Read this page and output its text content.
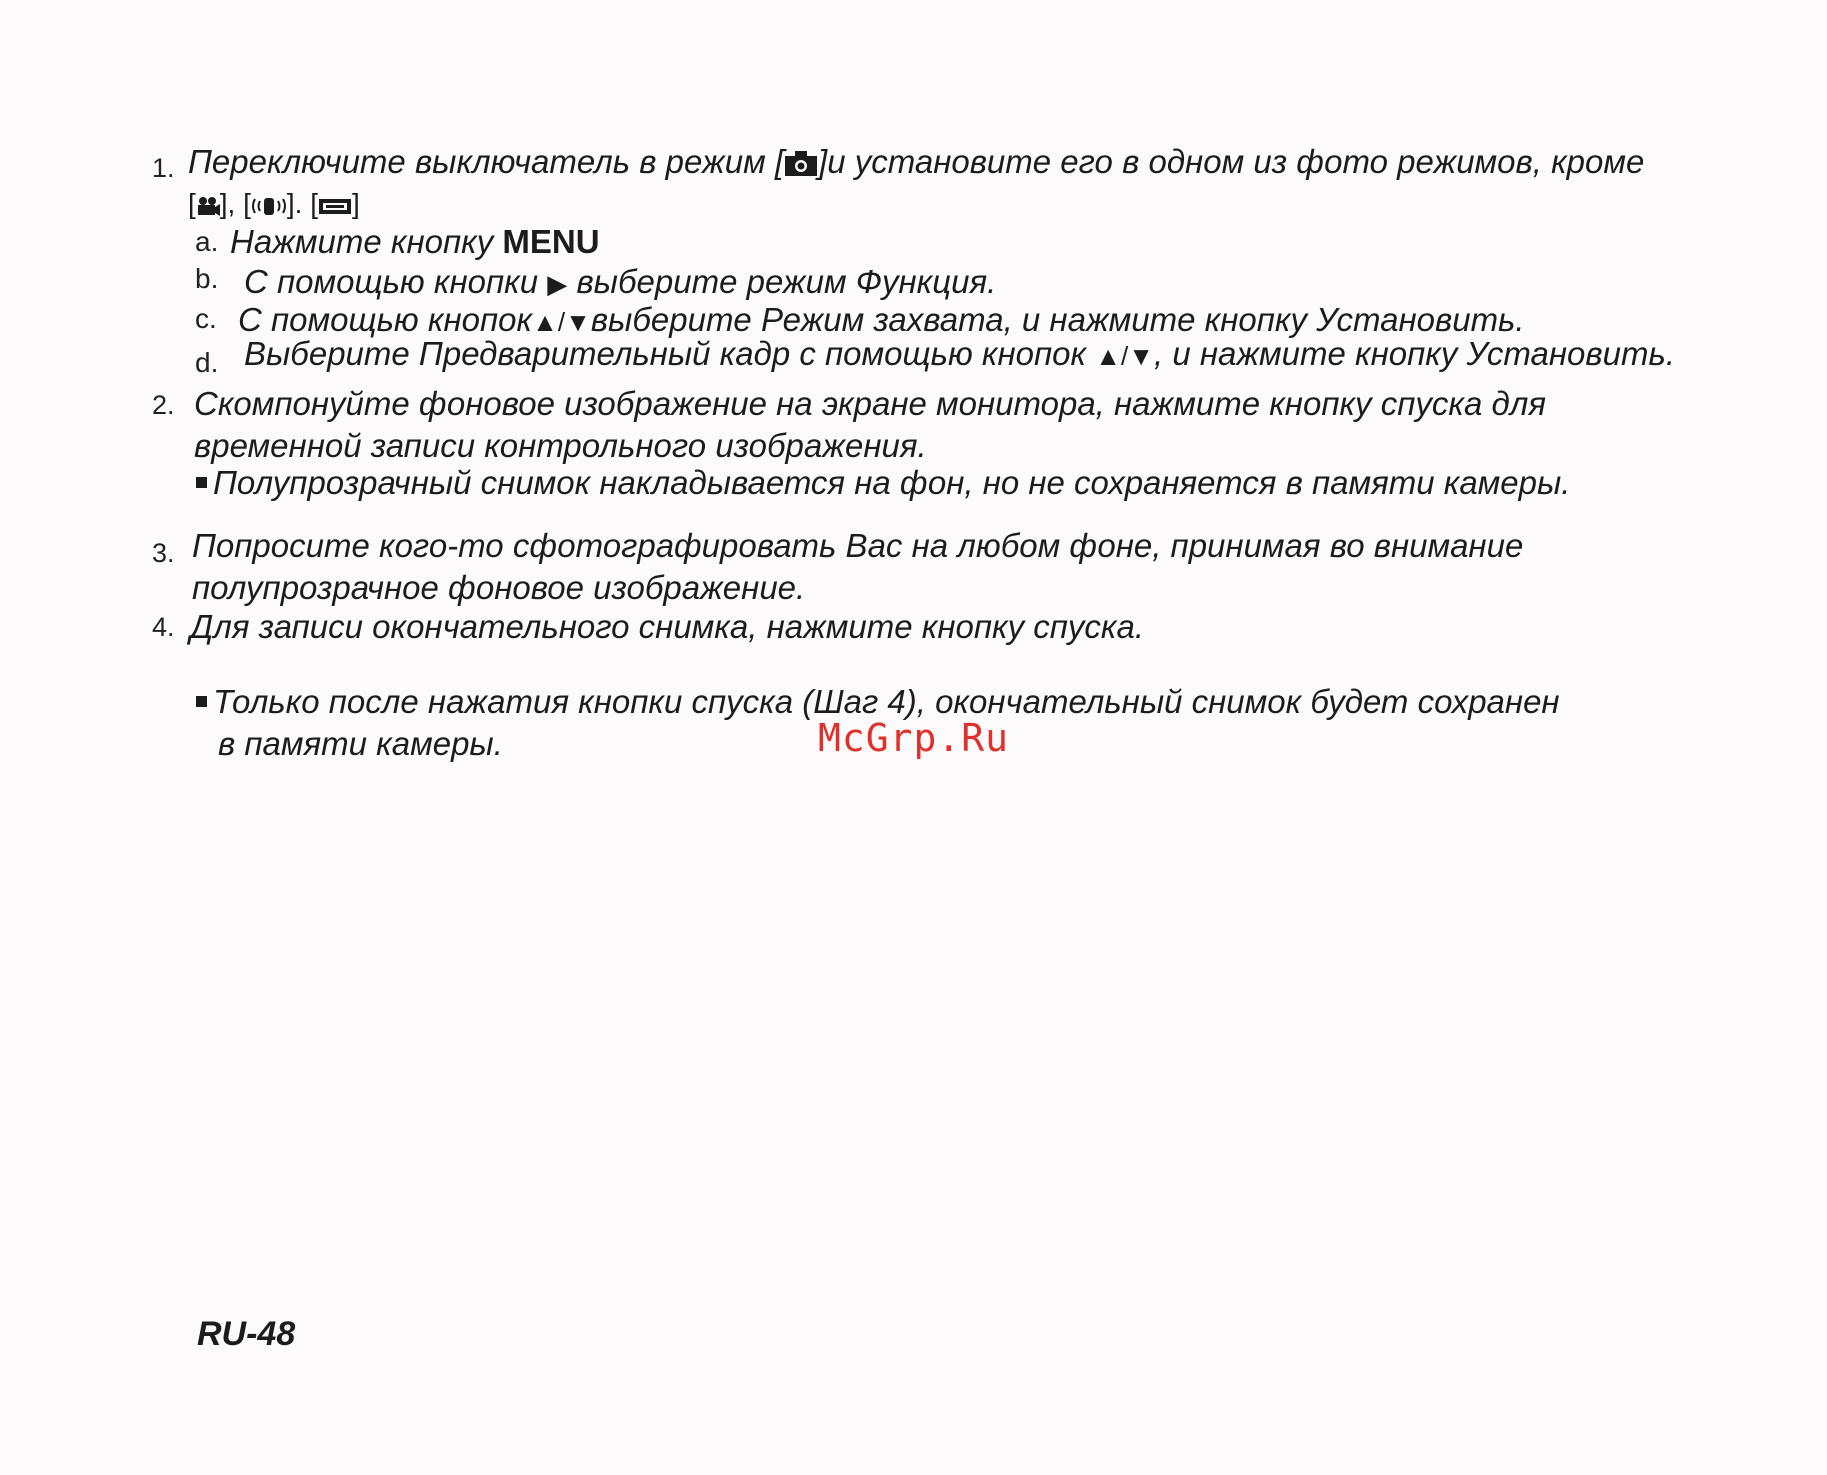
1. Переключите выключатель в режим [ ]и установите его в одном из фото режимов, кроме
[ ], [ ]. [ ]
a. Нажмите кнопку MENU
b. С помощью кнопки ▶ выберите режим Функция.
c. С помощью кнопок▲/▼выберите Режим захвата, и нажмите кнопку Установить.
d. Выберите Предварительный кадр с помощью кнопок ▲/▼, и нажмите кнопку Установить.
2. Скомпонуйте фоновое изображение на экране монитора, нажмите кнопку спуска для
временной записи контрольного изображения.
Полупрозрачный снимок накладывается на фон, но не сохраняется в памяти камеры.
3. Попросите кого-то сфотографировать Вас на любом фоне, принимая во внимание
полупрозрачное фоновое изображение.
4. Для записи окончательного снимка, нажмите кнопку спуска.
Только после нажатия кнопки спуска (Шаг 4), окончательный снимок будет сохранен
в памяти камеры.	McGrp.Ru
RU-48
